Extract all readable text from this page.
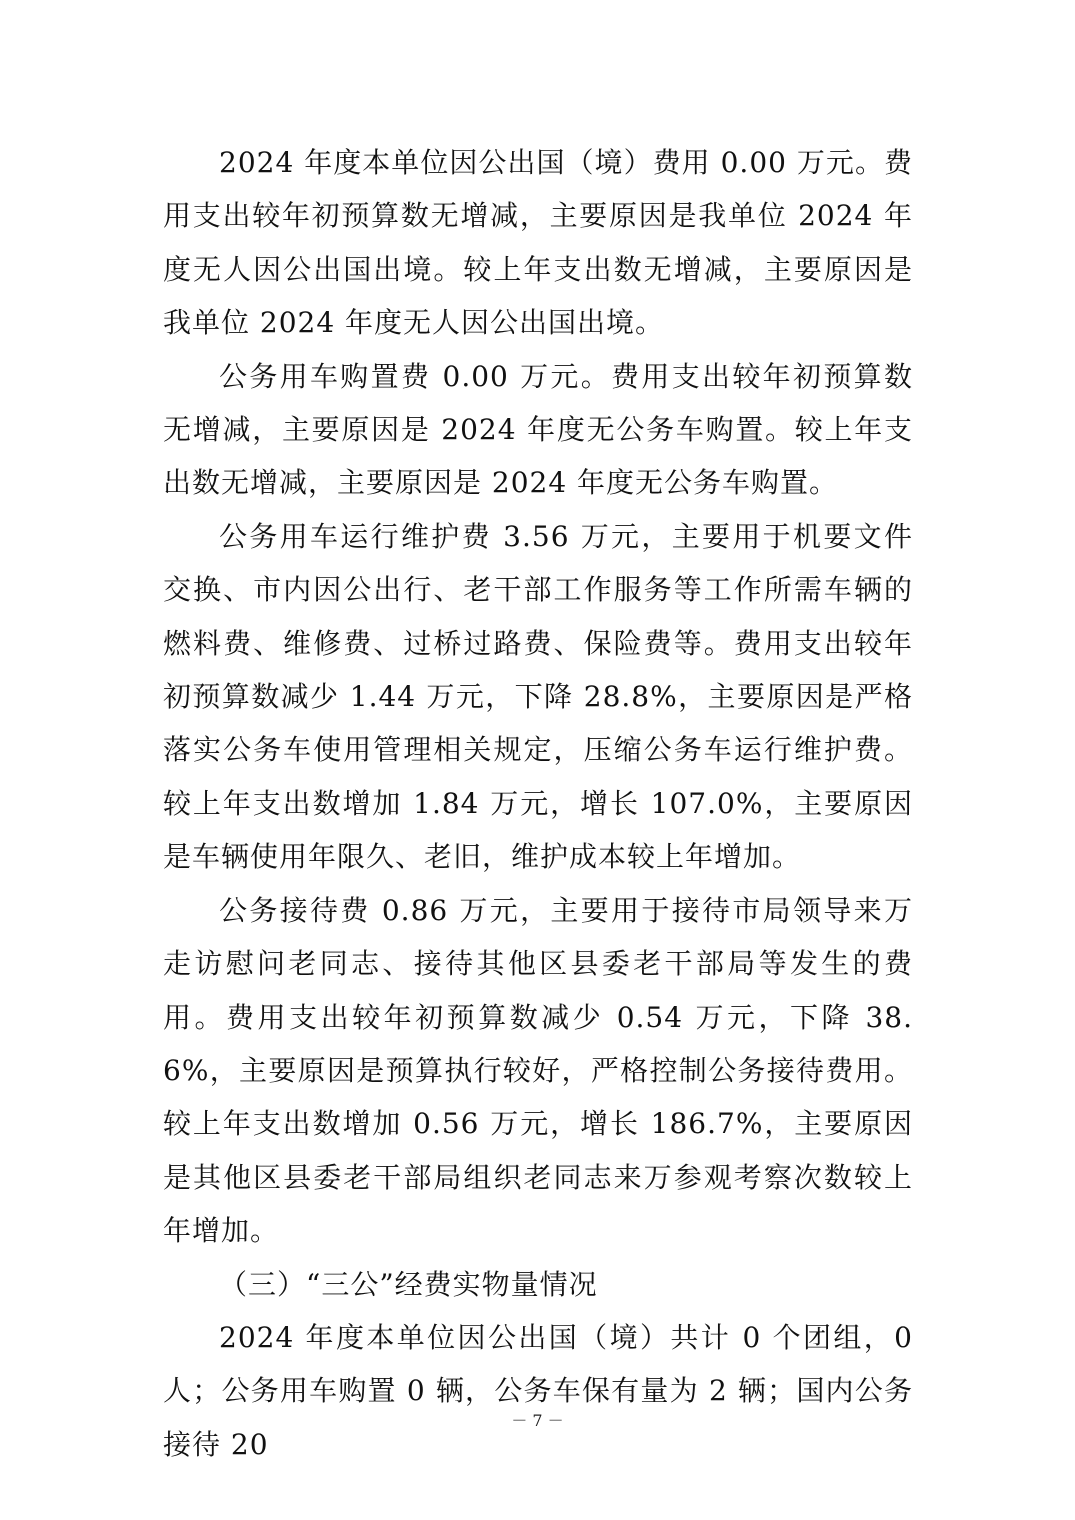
2024 年度本单位因公出国（境）费用 0.00 万元。费用支出较年初预算数无增减，主要原因是我单位 2024 年度无人因公出国出境。较上年支出数无增减，主要原因是我单位 2024 年度无人因公出国出境。

公务用车购置费 0.00 万元。费用支出较年初预算数无增减，主要原因是 2024 年度无公务车购置。较上年支出数无增减，主要原因是 2024 年度无公务车购置。

公务用车运行维护费 3.56 万元，主要用于机要文件交换、市内因公出行、老干部工作服务等工作所需车辆的燃料费、维修费、过桥过路费、保险费等。费用支出较年初预算数减少 1.44 万元，下降 28.8%，主要原因是严格落实公务车使用管理相关规定，压缩公务车运行维护费。较上年支出数增加 1.84 万元，增长 107.0%，主要原因是车辆使用年限久、老旧，维护成本较上年增加。

公务接待费 0.86 万元，主要用于接待市局领导来万走访慰问老同志、接待其他区县委老干部局等发生的费用。费用支出较年初预算数减少 0.54 万元，下降 38.6%，主要原因是预算执行较好，严格控制公务接待费用。较上年支出数增加 0.56 万元，增长 186.7%，主要原因是其他区县委老干部局组织老同志来万参观考察次数较上年增加。

（三）“三公”经费实物量情况

2024 年度本单位因公出国（境）共计 0 个团组，0 人；公务用车购置 0 辆，公务车保有量为 2 辆；国内公务接待 20

－ 7 －
